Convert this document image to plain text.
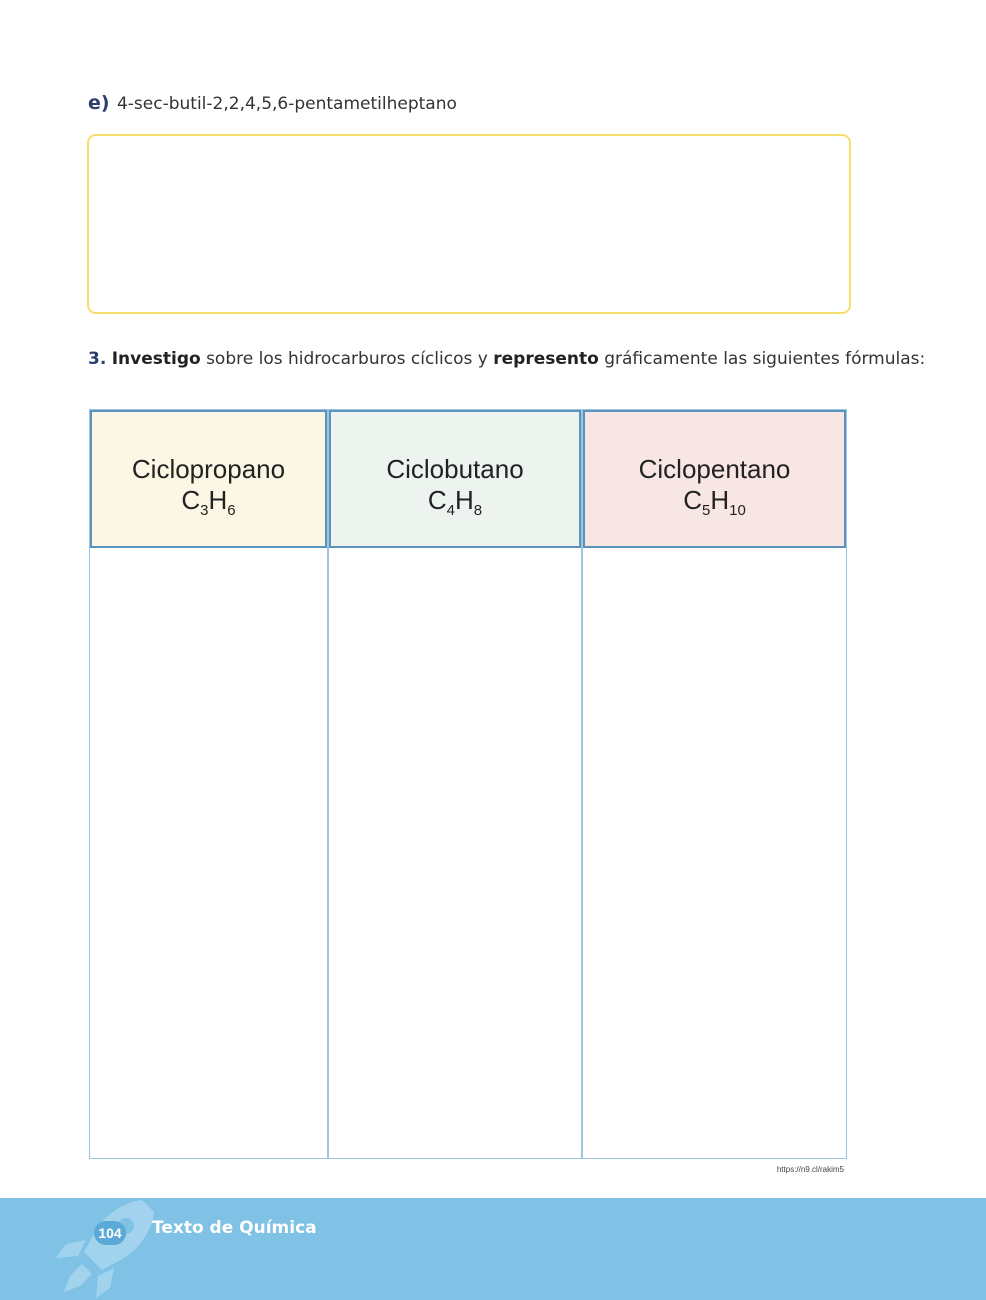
e) 4-sec-butil-2,2,4,5,6-pentametilheptano
3. Investigo sobre los hidrocarburos cíclicos y represento gráficamente las siguientes fórmulas:
Ciclopropano
$C_3H_6$
Ciclobutano
$C_4H_8$
Ciclopentano
$C_5H_{10}$
https://n9.cl/rakim5
104 Texto de Química
